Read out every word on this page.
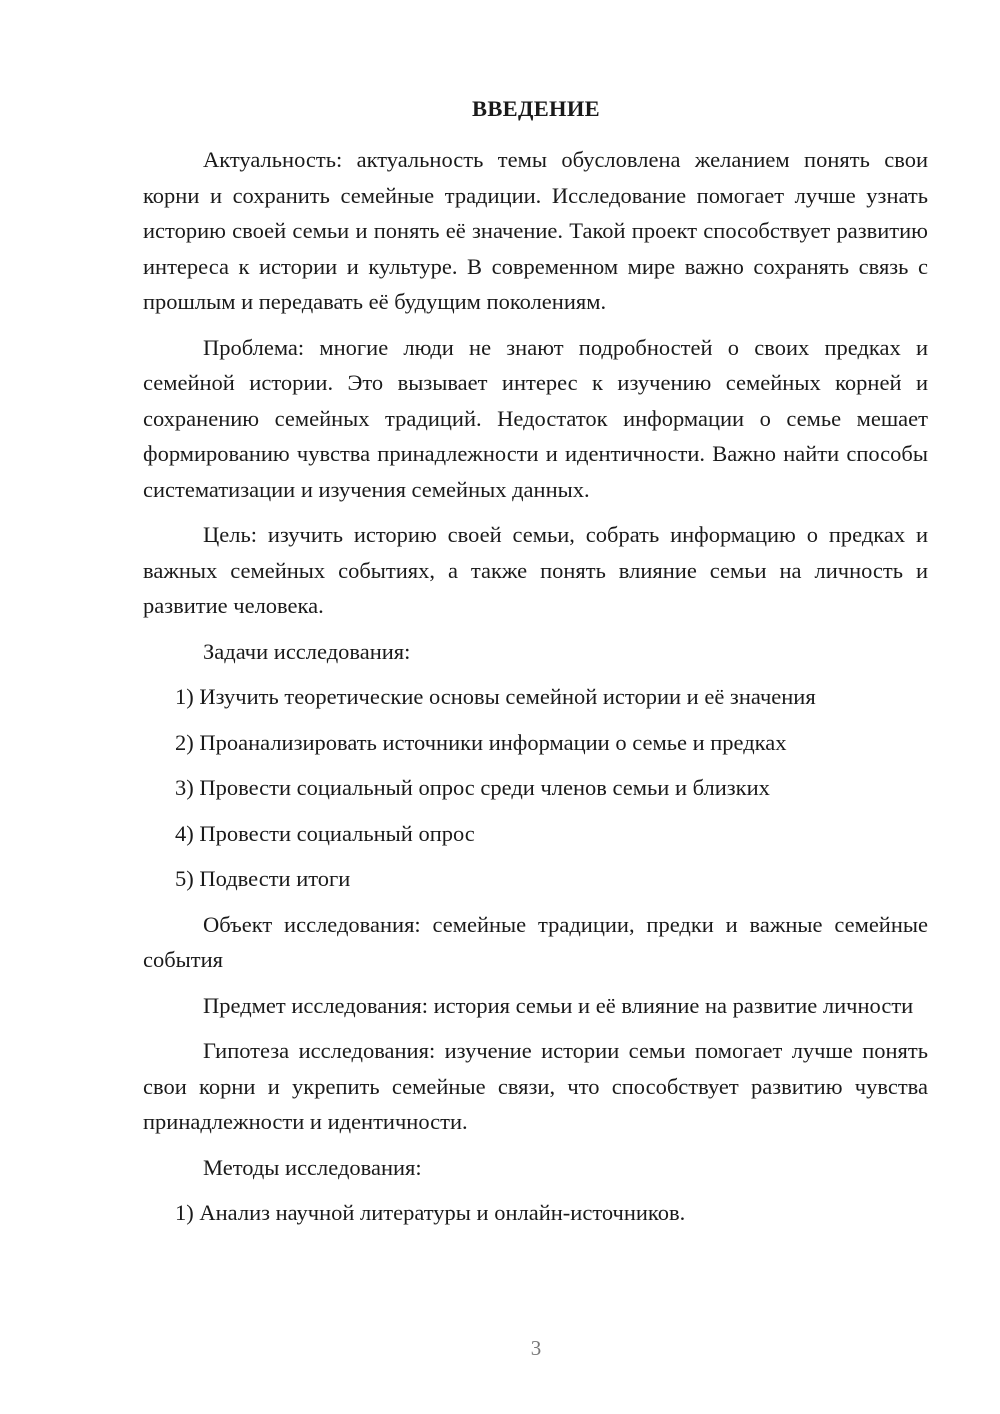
ВВЕДЕНИЕ

Актуальность: актуальность темы обусловлена желанием понять свои корни и сохранить семейные традиции. Исследование помогает лучше узнать историю своей семьи и понять её значение. Такой проект способствует развитию интереса к истории и культуре. В современном мире важно сохранять связь с прошлым и передавать её будущим поколениям.

Проблема: многие люди не знают подробностей о своих предках и семейной истории. Это вызывает интерес к изучению семейных корней и сохранению семейных традиций. Недостаток информации о семье мешает формированию чувства принадлежности и идентичности. Важно найти способы систематизации и изучения семейных данных.

Цель: изучить историю своей семьи, собрать информацию о предках и важных семейных событиях, а также понять влияние семьи на личность и развитие человека.

Задачи исследования:

1) Изучить теоретические основы семейной истории и её значения

2) Проанализировать источники информации о семье и предках

3) Провести социальный опрос среди членов семьи и близких

4) Провести социальный опрос

5) Подвести итоги

Объект исследования: семейные традиции, предки и важные семейные события

Предмет исследования: история семьи и её влияние на развитие личности

Гипотеза исследования: изучение истории семьи помогает лучше понять свои корни и укрепить семейные связи, что способствует развитию чувства принадлежности и идентичности.

Методы исследования:

1) Анализ научной литературы и онлайн-источников.

3
